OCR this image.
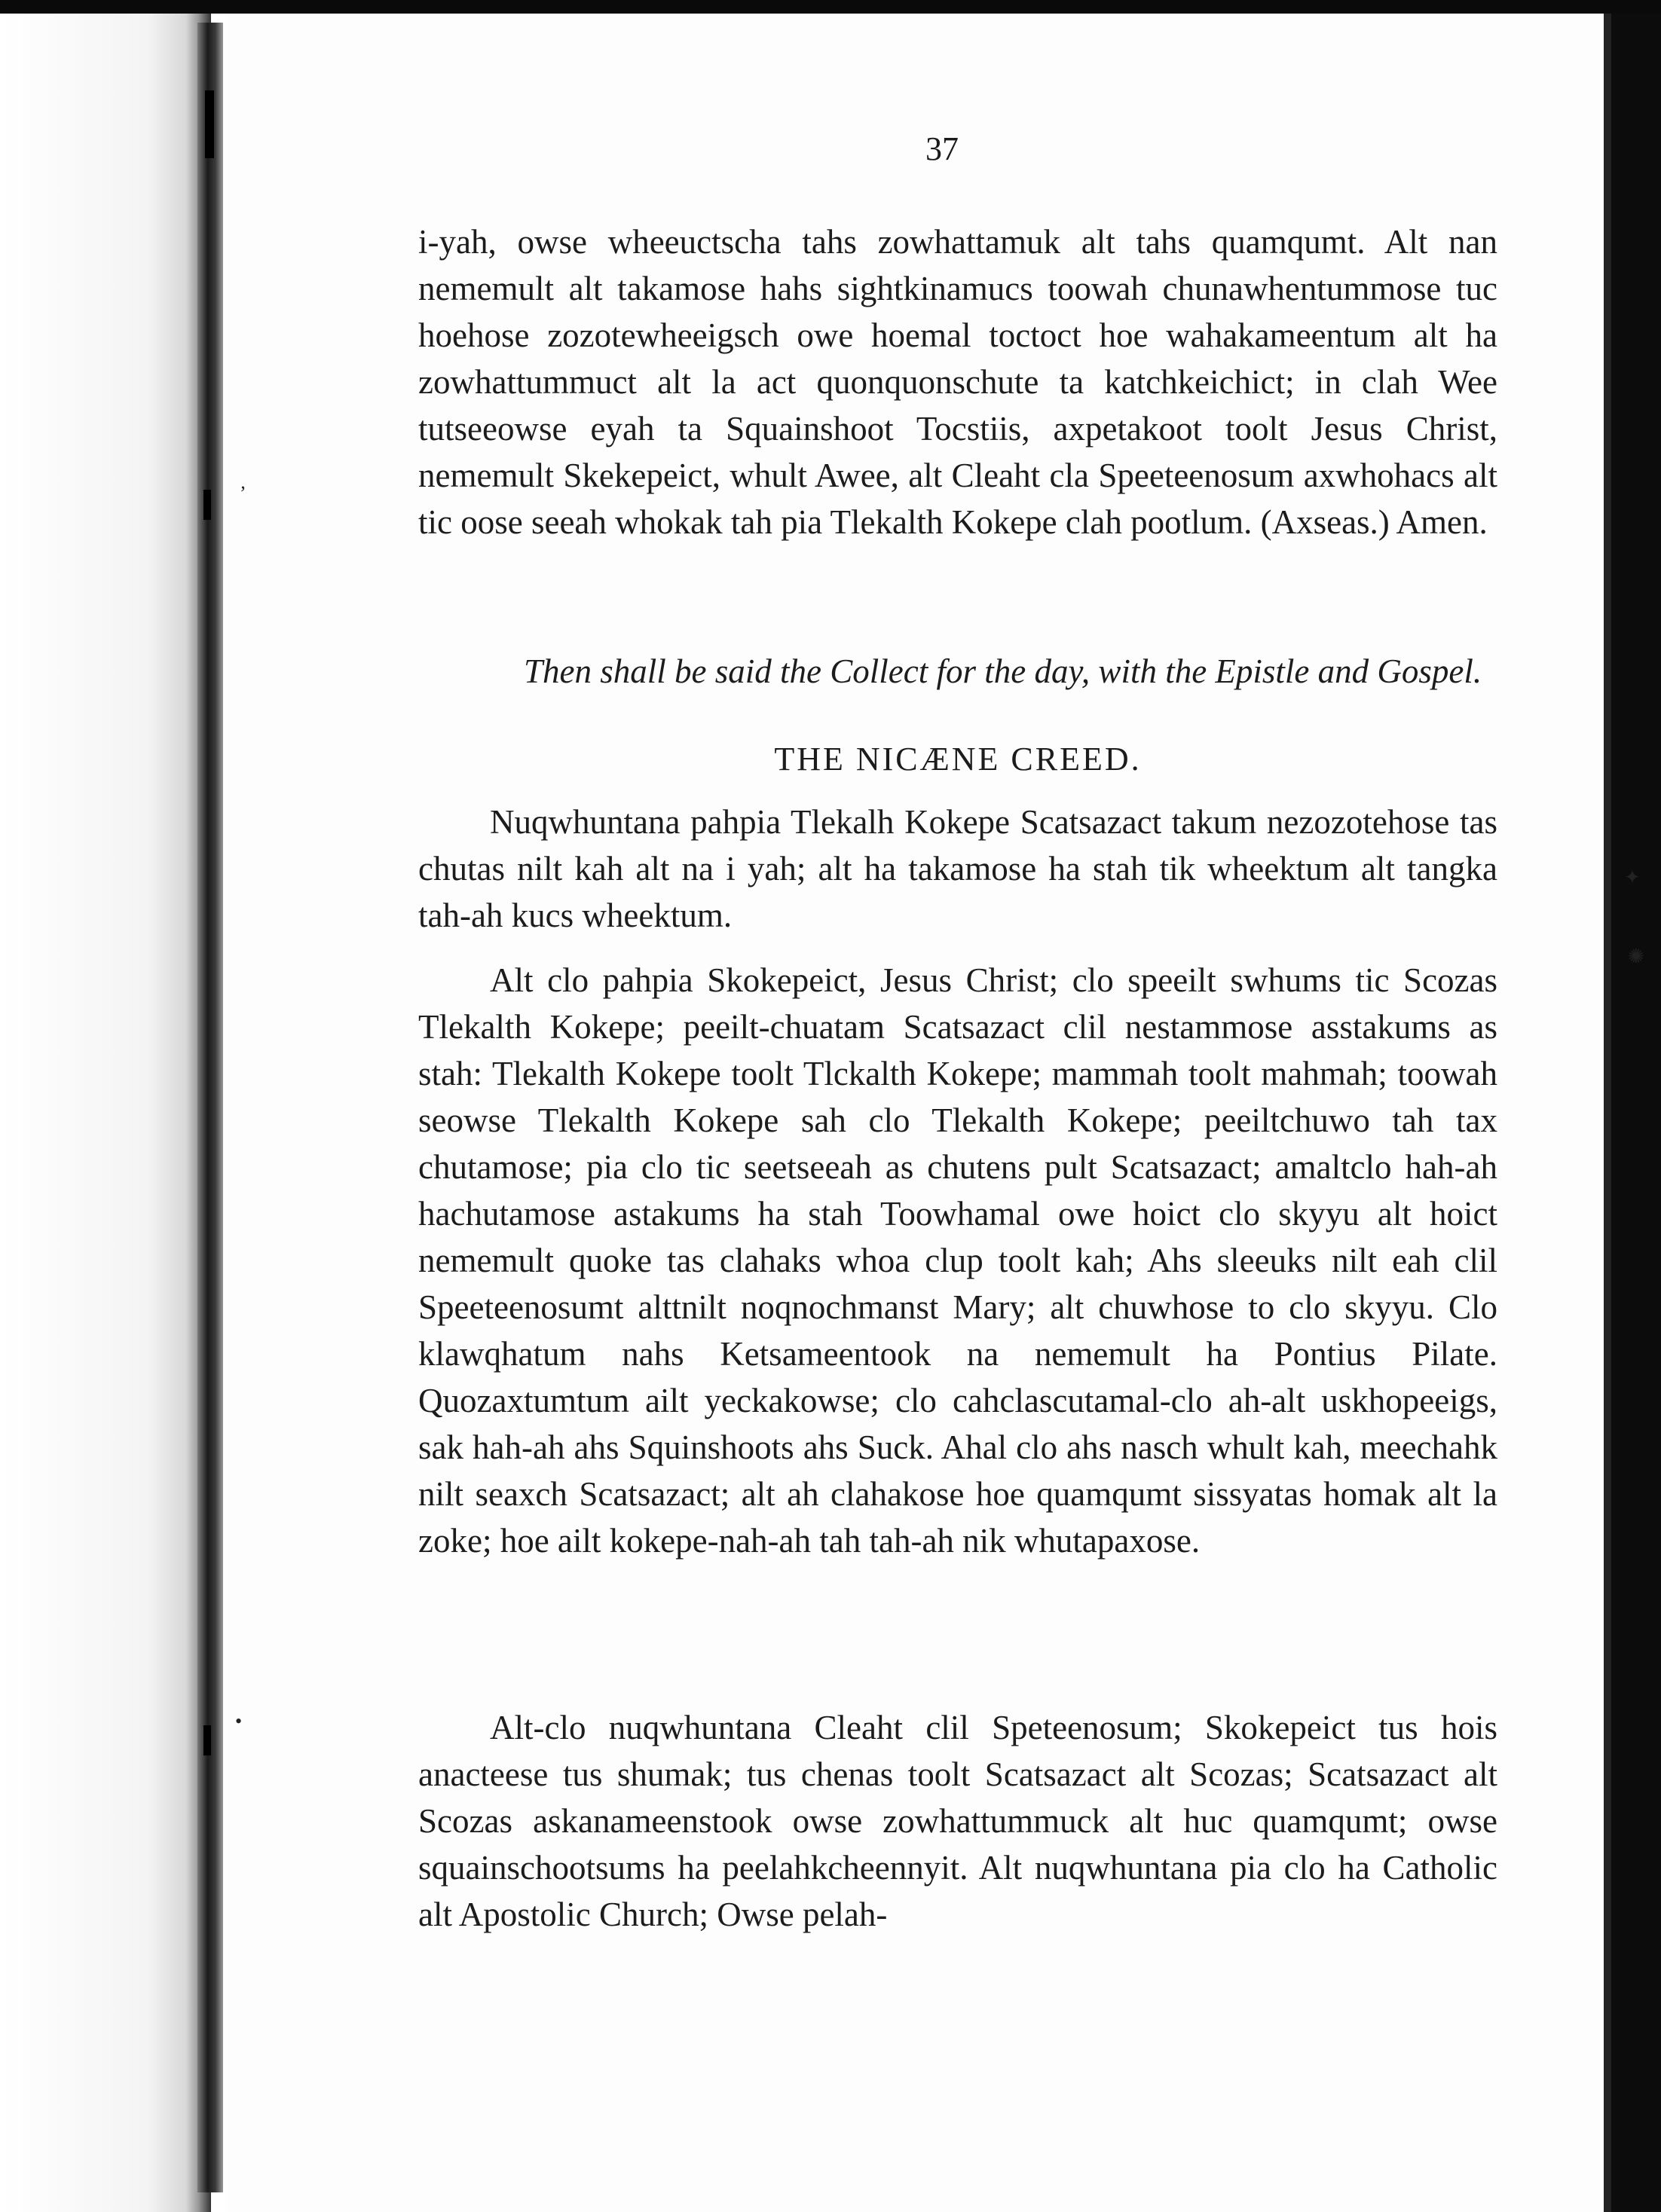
✦
✺
ʼ
•
37
i-yah, owse wheeuctscha tahs zowhattamuk alt tahs quamqumt. Alt nan nememult alt takamose hahs sightkinamucs toowah chunawhentummose tuc hoehose zozotewheeigsch owe hoemal toctoct hoe wahakameentum alt ha zowhattummuct alt la act quonquonschute ta katchkeichict; in clah Wee tutseeowse eyah ta Squainshoot Tocstiis, axpetakoot toolt Jesus Christ, nememult Skekepeict, whult Awee, alt Cleaht cla Speeteenosum axwhohacs alt tic oose seeah whokak tah pia Tlekalth Kokepe clah pootlum. (Axseas.) Amen.
Then shall be said the Collect for the day, with the Epistle and Gospel.
THE NICÆNE CREED.
Nuqwhuntana pahpia Tlekalh Kokepe Scatsazact takum nezozotehose tas chutas nilt kah alt na i yah; alt ha takamose ha stah tik wheektum alt tangka tah-ah kucs wheektum.
Alt clo pahpia Skokepeict, Jesus Christ; clo speeilt swhums tic Scozas Tlekalth Kokepe; peeilt-chuatam Scatsazact clil nestammose asstakums as stah: Tlekalth Kokepe toolt Tlckalth Kokepe; mammah toolt mahmah; toowah seowse Tlekalth Kokepe sah clo Tlekalth Kokepe; peeiltchuwo tah tax chutamose; pia clo tic seetseeah as chutens pult Scatsazact; amaltclo hah-ah hachutamose astakums ha stah Toowhamal owe hoict clo skyyu alt hoict nememult quoke tas clahaks whoa clup toolt kah; Ahs sleeuks nilt eah clil Speeteenosumt alttnilt noqnochmanst Mary; alt chuwhose to clo skyyu. Clo klawqhatum nahs Ketsameentook na nememult ha Pontius Pilate. Quozaxtumtum ailt yeckakowse; clo cahclascutamal-clo ah-alt uskhopeeigs, sak hah-ah ahs Squinshoots ahs Suck. Ahal clo ahs nasch whult kah, meechahk nilt seaxch Scatsazact; alt ah clahakose hoe quamqumt sissyatas homak alt la zoke; hoe ailt kokepe-nah-ah tah tah-ah nik whutapaxose.
Alt-clo nuqwhuntana Cleaht clil Speteenosum; Skokepeict tus hois anacteese tus shumak; tus chenas toolt Scatsazact alt Scozas; Scatsazact alt Scozas askanameenstook owse zowhattummuck alt huc quamqumt; owse squainschootsums ha peelahkcheennyit. Alt nuqwhuntana pia clo ha Catholic alt Apostolic Church; Owse pelah-
